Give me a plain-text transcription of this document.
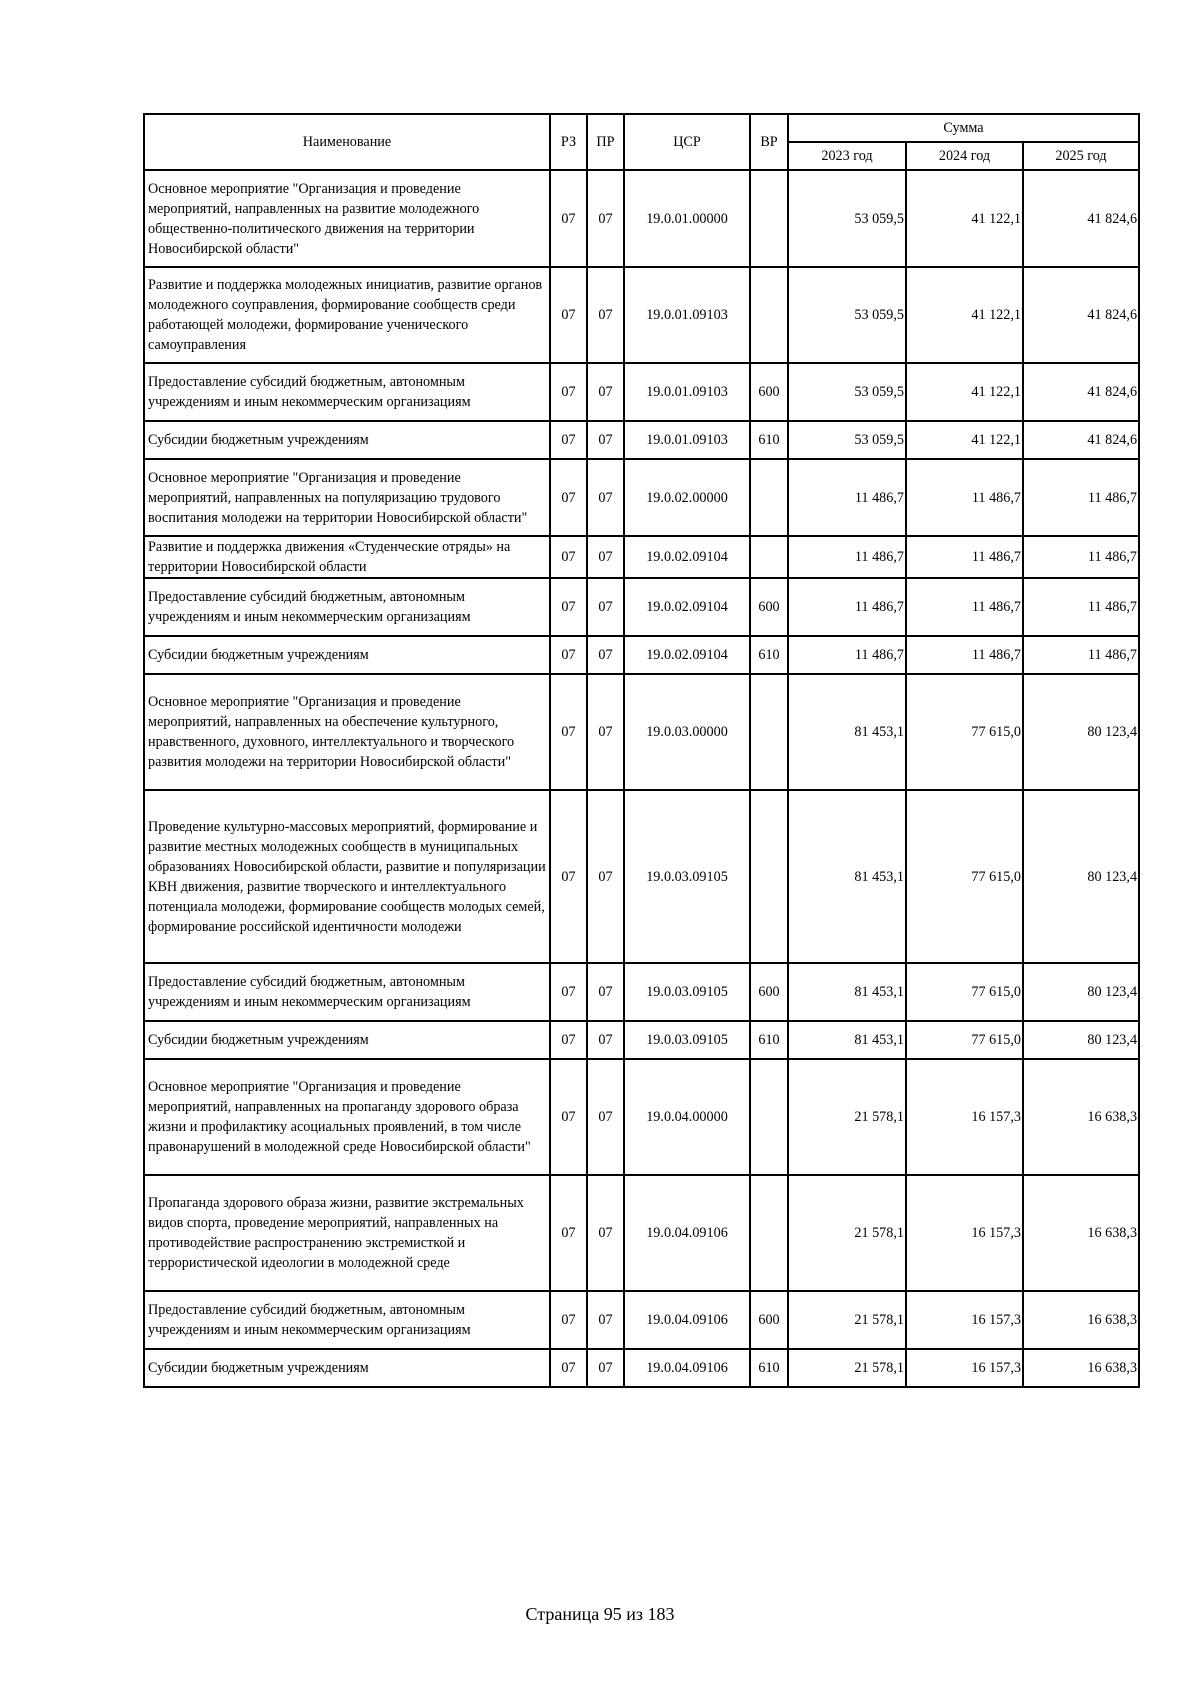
Наименование	РЗ	ПР	ЦСР	ВР	Сумма		
					2023 год	2024 год	2025 год
Основное мероприятие "Организация и проведение мероприятий, направленных на развитие молодежного общественно-политического движения на территории Новосибирской области"	07	07	19.0.01.00000		53 059,5	41 122,1	41 824,6
Развитие и поддержка молодежных инициатив, развитие органов молодежного соуправления, формирование сообществ среди работающей молодежи, формирование ученического самоуправления	07	07	19.0.01.09103		53 059,5	41 122,1	41 824,6
Предоставление субсидий бюджетным, автономным учреждениям и иным некоммерческим организациям	07	07	19.0.01.09103	600	53 059,5	41 122,1	41 824,6
Субсидии бюджетным учреждениям	07	07	19.0.01.09103	610	53 059,5	41 122,1	41 824,6
Основное мероприятие "Организация и проведение мероприятий, направленных на популяризацию трудового воспитания молодежи на территории Новосибирской области"	07	07	19.0.02.00000		11 486,7	11 486,7	11 486,7
Развитие и поддержка движения «Студенческие отряды» на территории Новосибирской области	07	07	19.0.02.09104		11 486,7	11 486,7	11 486,7
Предоставление субсидий бюджетным, автономным учреждениям и иным некоммерческим организациям	07	07	19.0.02.09104	600	11 486,7	11 486,7	11 486,7
Субсидии бюджетным учреждениям	07	07	19.0.02.09104	610	11 486,7	11 486,7	11 486,7
Основное мероприятие "Организация и проведение мероприятий, направленных на обеспечение культурного, нравственного, духовного, интеллектуального и творческого развития молодежи на территории Новосибирской области"	07	07	19.0.03.00000		81 453,1	77 615,0	80 123,4
Проведение культурно-массовых мероприятий, формирование и развитие местных молодежных сообществ в муниципальных образованиях Новосибирской области, развитие и популяризации КВН движения, развитие творческого и интеллектуального потенциала молодежи, формирование сообществ молодых семей, формирование российской идентичности молодежи	07	07	19.0.03.09105		81 453,1	77 615,0	80 123,4
Предоставление субсидий бюджетным, автономным учреждениям и иным некоммерческим организациям	07	07	19.0.03.09105	600	81 453,1	77 615,0	80 123,4
Субсидии бюджетным учреждениям	07	07	19.0.03.09105	610	81 453,1	77 615,0	80 123,4
Основное мероприятие "Организация и проведение мероприятий, направленных на пропаганду здорового образа жизни и профилактику асоциальных проявлений, в том числе правонарушений в молодежной среде Новосибирской области"	07	07	19.0.04.00000		21 578,1	16 157,3	16 638,3
Пропаганда здорового образа жизни, развитие экстремальных видов спорта, проведение мероприятий, направленных на противодействие распространению экстремисткой и террористической идеологии в молодежной среде	07	07	19.0.04.09106		21 578,1	16 157,3	16 638,3
Предоставление субсидий бюджетным, автономным учреждениям и иным некоммерческим организациям	07	07	19.0.04.09106	600	21 578,1	16 157,3	16 638,3
Субсидии бюджетным учреждениям	07	07	19.0.04.09106	610	21 578,1	16 157,3	16 638,3
Страница 95 из 183
